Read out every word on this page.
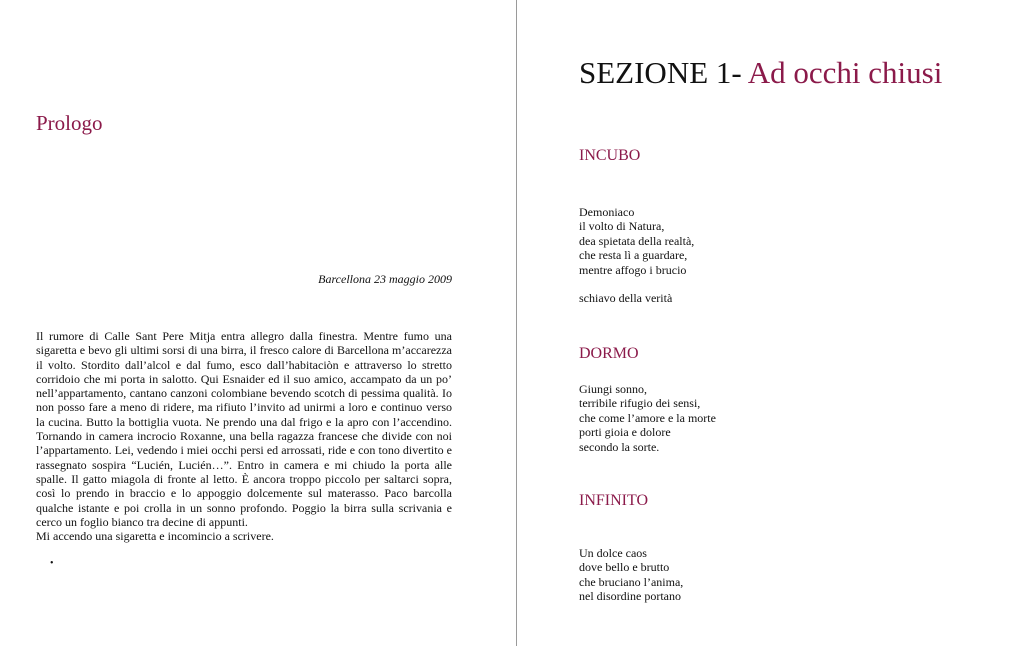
Prologo

Barcellona 23 maggio 2009

Il rumore di Calle Sant Pere Mitja entra allegro dalla finestra. Mentre fumo una sigaretta e bevo gli ultimi sorsi di una birra, il fresco calore di Barcellona m’accarezza il volto. Stordito dall’alcol e dal fumo, esco dall’habitaciòn e attraverso lo stretto corridoio che mi porta in salotto. Qui Esnaider ed il suo amico, accampato da un po’ nell’appartamento, cantano canzoni colombiane bevendo scotch di pessima qualità. Io non posso fare a meno di ridere, ma rifiuto l’invito ad unirmi a loro e continuo verso la cucina. Butto la bottiglia vuota. Ne prendo una dal frigo e la apro con l’accendino. Tornando in camera incrocio Roxanne, una bella ragazza francese che divide con noi l’appartamento. Lei, vedendo i miei occhi persi ed arrossati, ride e con tono divertito e rassegnato sospira “Lucién, Lucién…”. Entro in camera e mi chiudo la porta alle spalle. Il gatto miagola di fronte al letto. È ancora troppo piccolo per saltarci sopra, così lo prendo in braccio e lo appoggio dolcemente sul materasso. Paco barcolla qualche istante e poi crolla in un sonno profondo. Poggio la birra sulla scrivania e cerco un foglio bianco tra decine di appunti.

Mi accendo una sigaretta e incomincio a scrivere.

•
SEZIONE 1- Ad occhi chiusi
INCUBO
Demoniaco
il volto di Natura,
dea spietata della realtà,
che resta lì a guardare,
mentre affogo i brucio
schiavo della verità
DORMO
Giungi sonno,
terribile rifugio dei sensi,
che come l’amore e la morte
porti gioia e dolore
secondo la sorte.
INFINITO
Un dolce caos
dove bello e brutto
che bruciano l’anima,
nel disordine portano
